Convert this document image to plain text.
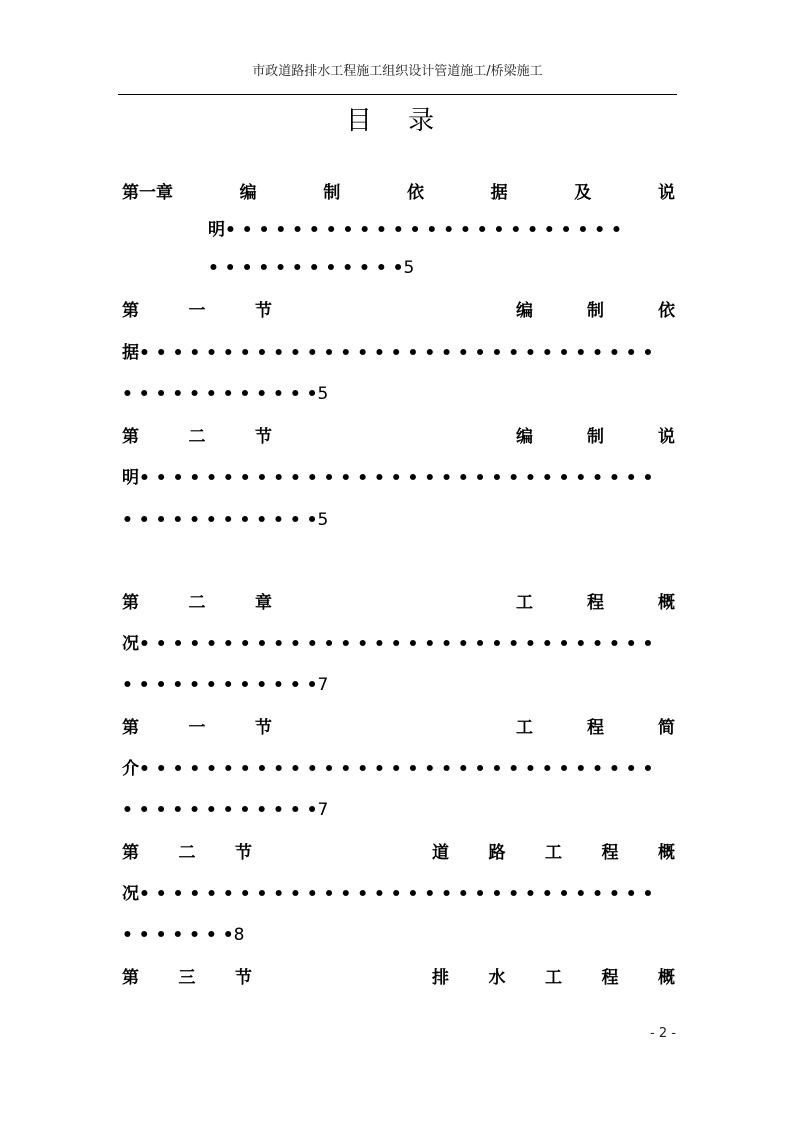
市政道路排水工程施工组织设计管道施工/桥梁施工
目 录
第一章	编	制	依	据	及	说
明• • • • • • • • • • • • • • • • • • • • • • • •
• • • • • • • • • • • •5
第	一	节	编	制	依
据• • • • • • • • • • • • • • • • • • • • • • • • • • • • • • •
• • • • • • • • • • • •5
第	二	节	编	制	说
明• • • • • • • • • • • • • • • • • • • • • • • • • • • • • • •
• • • • • • • • • • • •5
第	二	章	工	程	概
况• • • • • • • • • • • • • • • • • • • • • • • • • • • • • • •
• • • • • • • • • • • •7
第	一	节	工	程	简
介• • • • • • • • • • • • • • • • • • • • • • • • • • • • • • •
• • • • • • • • • • • •7
第 二 节	道 路 工 程 概
况• • • • • • • • • • • • • • • • • • • • • • • • • • • • • • •
• • • • • • •8
第 三 节	排 水 工 程 概
- 2 -
